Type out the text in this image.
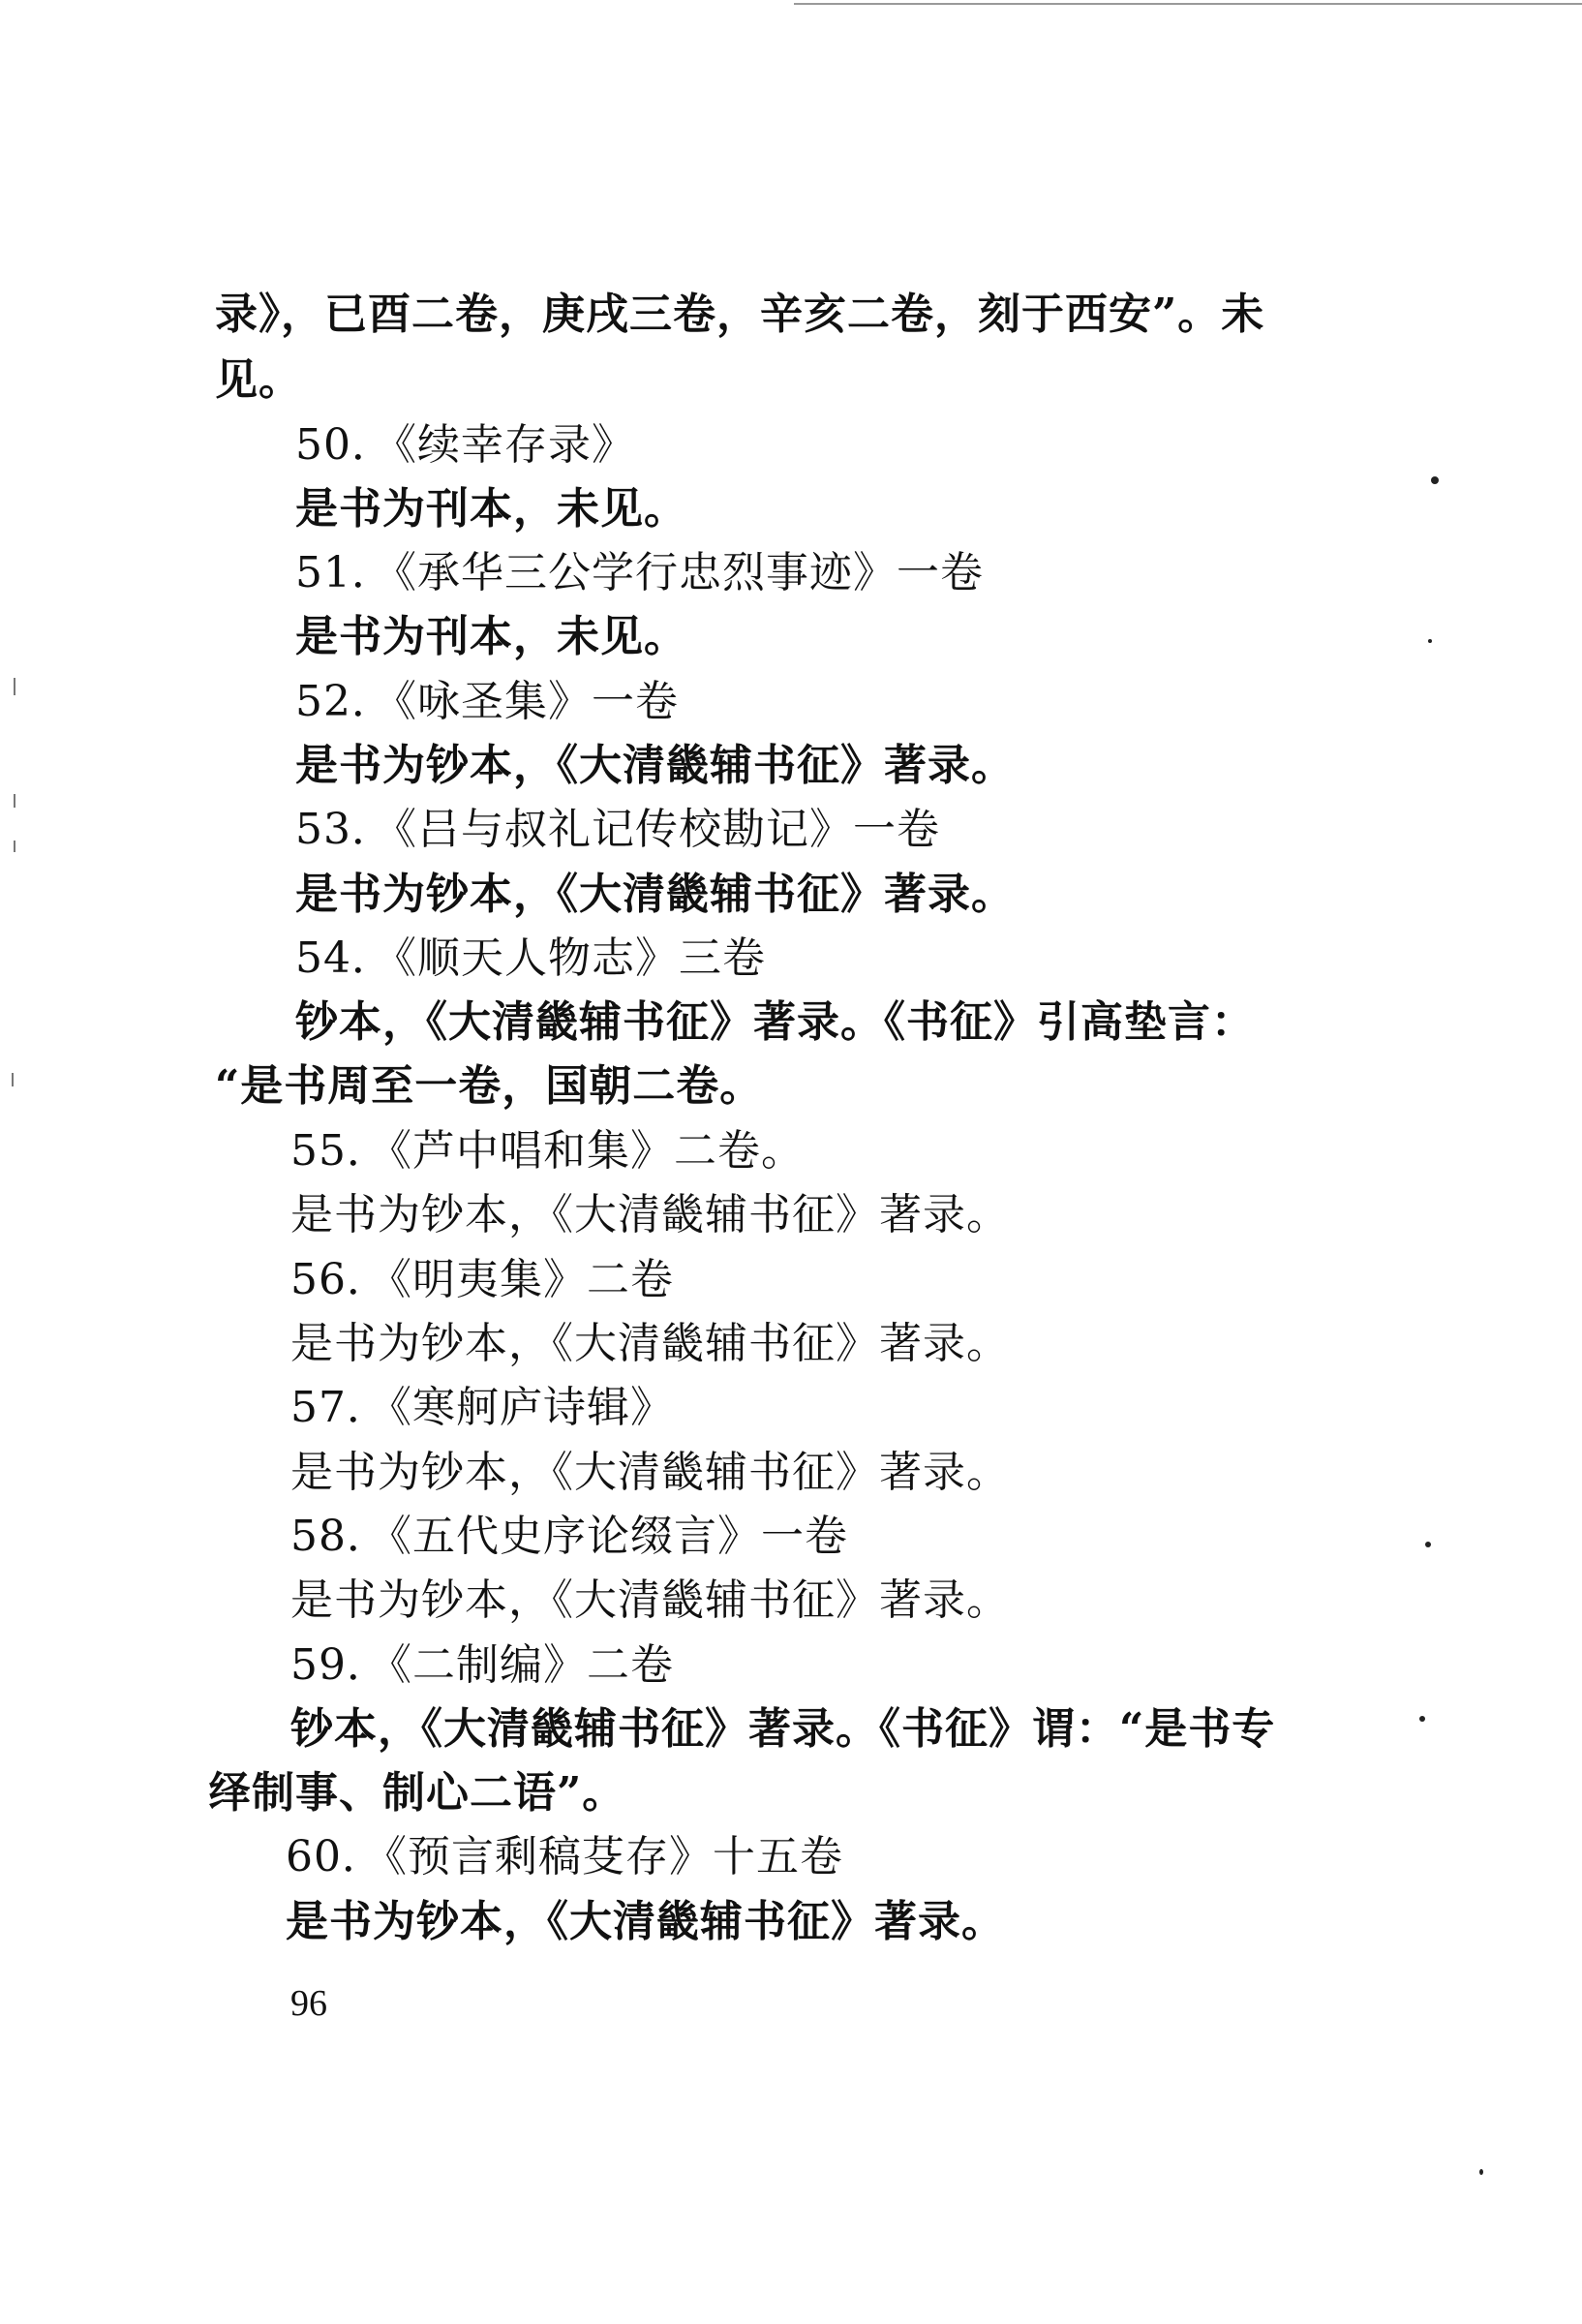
录》，已酉二卷，庚戌三卷，辛亥二卷，刻于西安”。未
见。
50．《续幸存录》
是书为刊本，未见。
51．《承华三公学行忠烈事迹》一卷
是书为刊本，未见。
52．《咏圣集》一卷
是书为钞本，《大清畿辅书征》著录。
53．《吕与叔礼记传校勘记》一卷
是书为钞本，《大清畿辅书征》著录。
54．《顺天人物志》三卷
钞本，《大清畿辅书征》著录。《书征》引高垫言：
“是书周至一卷，国朝二卷。
55．《芦中唱和集》二卷。
是书为钞本，《大清畿辅书征》著录。
56．《明夷集》二卷
是书为钞本，《大清畿辅书征》著录。
57．《寒舸庐诗辑》
是书为钞本，《大清畿辅书征》著录。
58．《五代史序论缀言》一卷
是书为钞本，《大清畿辅书征》著录。
59．《二制编》二卷
钞本，《大清畿辅书征》著录。《书征》谓：“是书专
绎制事、制心二语”。
60．《预言剩稿芟存》十五卷
是书为钞本，《大清畿辅书征》著录。
96
